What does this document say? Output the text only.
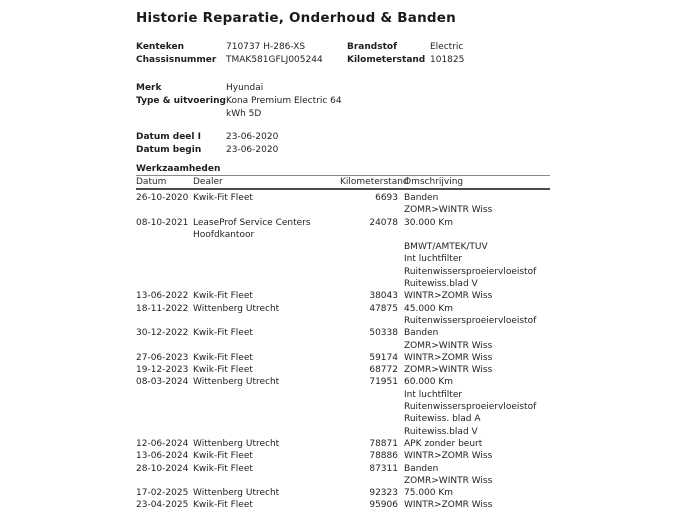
Historie Reparatie, Onderhoud & Banden
Kenteken	710737 H-286-XS	Brandstof	Electric
Chassisnummer	TMAK581GFLJ005244	Kilometerstand 101825
Merk	Hyundai
Type & uitvoering Kona Premium Electric 64 kWh 5D
Datum deel I	23-06-2020
Datum begin	23-06-2020
Werkzaamheden
Datum	Dealer	Kilometerstand
Omschrijving
26-10-2020 Kwik-Fit Fleet	6693 Banden
ZOMR>WINTR Wiss
08-10-2021 LeaseProf Service Centers
Hoofdkantoor
24078 30.000 Km

BMWT/AMTEK/TUV
Int luchtfilter
Ruitenwissersproeiervloeistof
Ruitewiss.blad V
13-06-2022 Kwik-Fit Fleet	38043 WINTR>ZOMR Wiss
18-11-2022 Wittenberg Utrecht	47875 45.000 Km
Ruitenwissersproeiervloeistof
30-12-2022 Kwik-Fit Fleet	50338 Banden
ZOMR>WINTR Wiss
27-06-2023 Kwik-Fit Fleet	59174 WINTR>ZOMR Wiss
19-12-2023 Kwik-Fit Fleet	68772 ZOMR>WINTR Wiss
08-03-2024 Wittenberg Utrecht	71951 60.000 Km
Int luchtfilter
Ruitenwissersproeiervloeistof
Ruitewiss. blad A
Ruitewiss.blad V
12-06-2024 Wittenberg Utrecht	78871 APK zonder beurt
13-06-2024 Kwik-Fit Fleet	78886 WINTR>ZOMR Wiss
28-10-2024 Kwik-Fit Fleet	87311 Banden
ZOMR>WINTR Wiss
17-02-2025 Wittenberg Utrecht	92323 75.000 Km
23-04-2025 Kwik-Fit Fleet	95906 WINTR>ZOMR Wiss
